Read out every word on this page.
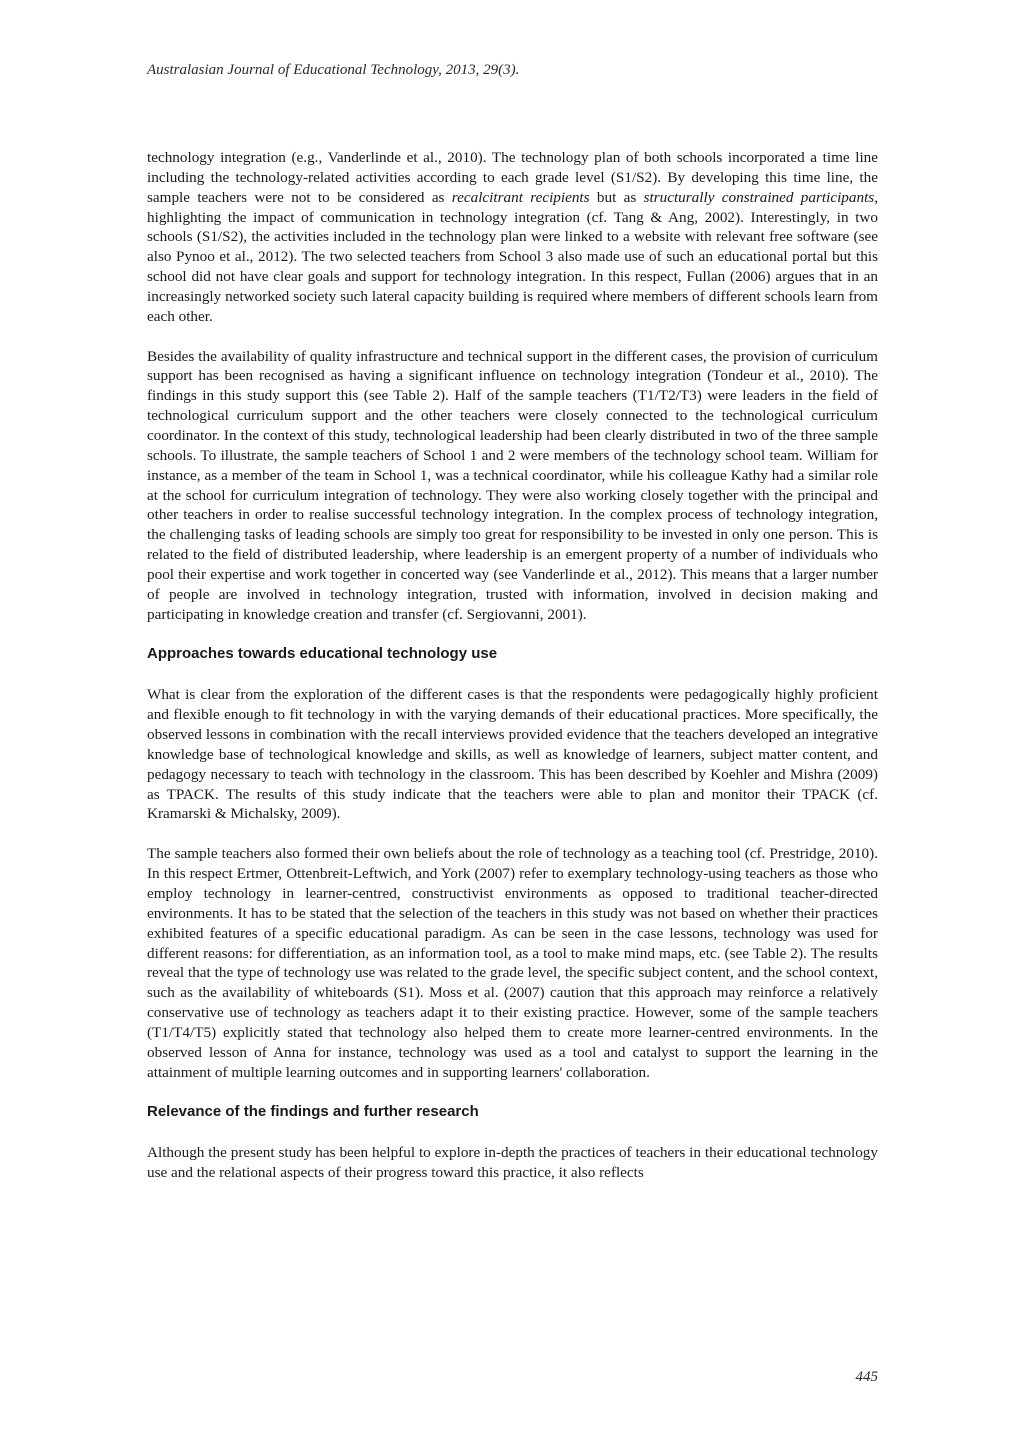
Australasian Journal of Educational Technology, 2013, 29(3).

technology integration (e.g., Vanderlinde et al., 2010). The technology plan of both schools incorporated a time line including the technology-related activities according to each grade level (S1/S2). By developing this time line, the sample teachers were not to be considered as recalcitrant recipients but as structurally constrained participants, highlighting the impact of communication in technology integration (cf. Tang & Ang, 2002). Interestingly, in two schools (S1/S2), the activities included in the technology plan were linked to a website with relevant free software (see also Pynoo et al., 2012). The two selected teachers from School 3 also made use of such an educational portal but this school did not have clear goals and support for technology integration. In this respect, Fullan (2006) argues that in an increasingly networked society such lateral capacity building is required where members of different schools learn from each other.

Besides the availability of quality infrastructure and technical support in the different cases, the provision of curriculum support has been recognised as having a significant influence on technology integration (Tondeur et al., 2010). The findings in this study support this (see Table 2). Half of the sample teachers (T1/T2/T3) were leaders in the field of technological curriculum support and the other teachers were closely connected to the technological curriculum coordinator. In the context of this study, technological leadership had been clearly distributed in two of the three sample schools. To illustrate, the sample teachers of School 1 and 2 were members of the technology school team. William for instance, as a member of the team in School 1, was a technical coordinator, while his colleague Kathy had a similar role at the school for curriculum integration of technology. They were also working closely together with the principal and other teachers in order to realise successful technology integration. In the complex process of technology integration, the challenging tasks of leading schools are simply too great for responsibility to be invested in only one person. This is related to the field of distributed leadership, where leadership is an emergent property of a number of individuals who pool their expertise and work together in concerted way (see Vanderlinde et al., 2012). This means that a larger number of people are involved in technology integration, trusted with information, involved in decision making and participating in knowledge creation and transfer (cf. Sergiovanni, 2001).

Approaches towards educational technology use

What is clear from the exploration of the different cases is that the respondents were pedagogically highly proficient and flexible enough to fit technology in with the varying demands of their educational practices. More specifically, the observed lessons in combination with the recall interviews provided evidence that the teachers developed an integrative knowledge base of technological knowledge and skills, as well as knowledge of learners, subject matter content, and pedagogy necessary to teach with technology in the classroom. This has been described by Koehler and Mishra (2009) as TPACK. The results of this study indicate that the teachers were able to plan and monitor their TPACK (cf. Kramarski & Michalsky, 2009).

The sample teachers also formed their own beliefs about the role of technology as a teaching tool (cf. Prestridge, 2010). In this respect Ertmer, Ottenbreit-Leftwich, and York (2007) refer to exemplary technology-using teachers as those who employ technology in learner-centred, constructivist environments as opposed to traditional teacher-directed environments. It has to be stated that the selection of the teachers in this study was not based on whether their practices exhibited features of a specific educational paradigm. As can be seen in the case lessons, technology was used for different reasons: for differentiation, as an information tool, as a tool to make mind maps, etc. (see Table 2). The results reveal that the type of technology use was related to the grade level, the specific subject content, and the school context, such as the availability of whiteboards (S1). Moss et al. (2007) caution that this approach may reinforce a relatively conservative use of technology as teachers adapt it to their existing practice. However, some of the sample teachers (T1/T4/T5) explicitly stated that technology also helped them to create more learner-centred environments. In the observed lesson of Anna for instance, technology was used as a tool and catalyst to support the learning in the attainment of multiple learning outcomes and in supporting learners' collaboration.

Relevance of the findings and further research

Although the present study has been helpful to explore in-depth the practices of teachers in their educational technology use and the relational aspects of their progress toward this practice, it also reflects

445
